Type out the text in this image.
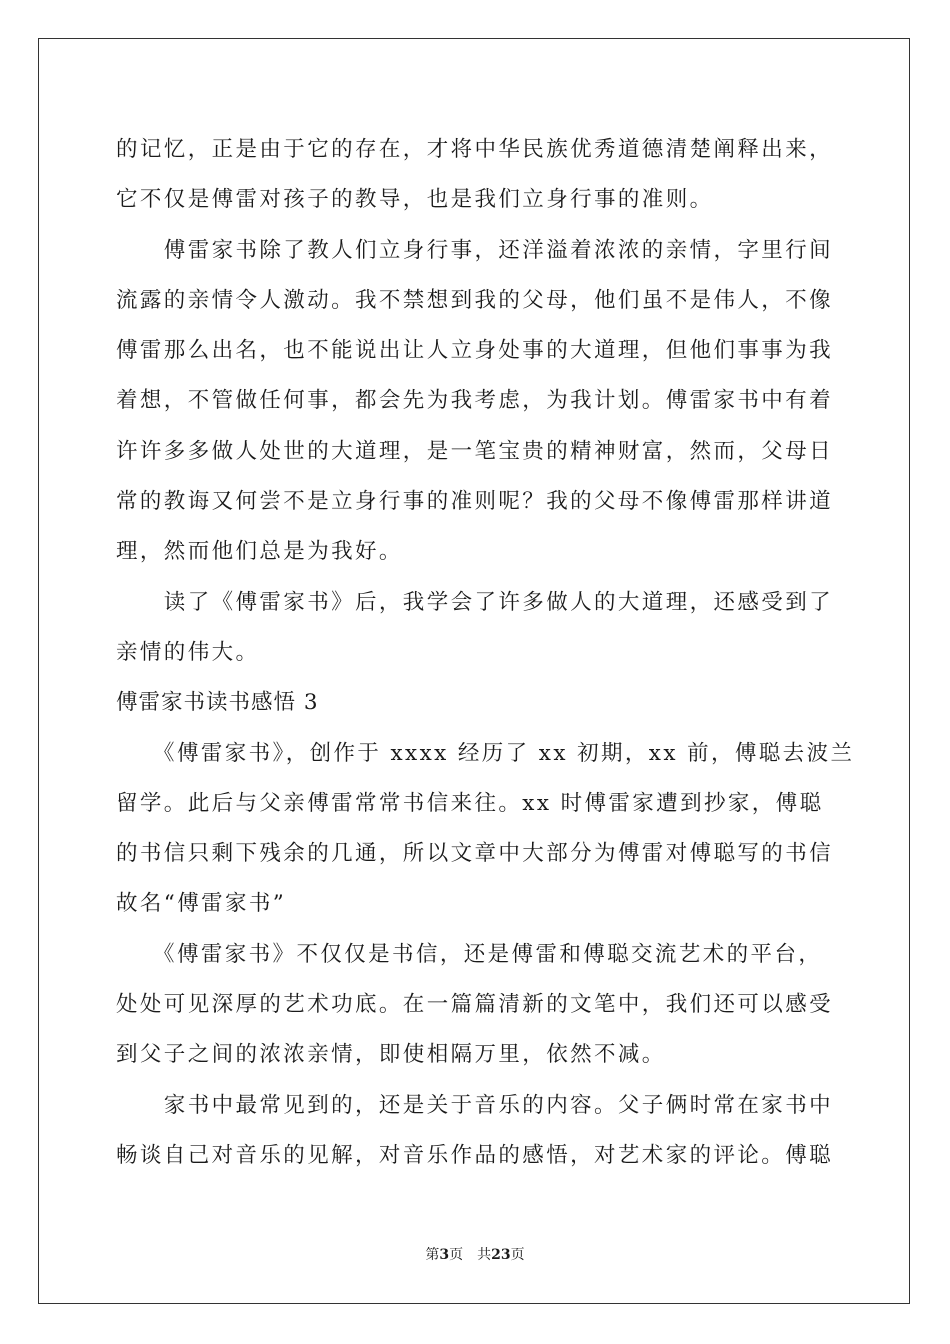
的记忆，正是由于它的存在，才将中华民族优秀道德清楚阐释出来，
它不仅是傅雷对孩子的教导，也是我们立身行事的准则。
　　傅雷家书除了教人们立身行事，还洋溢着浓浓的亲情，字里行间
流露的亲情令人激动。我不禁想到我的父母，他们虽不是伟人，不像
傅雷那么出名，也不能说出让人立身处事的大道理，但他们事事为我
着想，不管做任何事，都会先为我考虑，为我计划。傅雷家书中有着
许许多多做人处世的大道理，是一笔宝贵的精神财富，然而，父母日
常的教诲又何尝不是立身行事的准则呢？我的父母不像傅雷那样讲道
理，然而他们总是为我好。
　　读了《傅雷家书》后，我学会了许多做人的大道理，还感受到了
亲情的伟大。
傅雷家书读书感悟 3
　　《傅雷家书》，创作于 xxxx 经历了 xx 初期，xx 前，傅聪去波兰
留学。此后与父亲傅雷常常书信来往。xx 时傅雷家遭到抄家，傅聪
的书信只剩下残余的几通，所以文章中大部分为傅雷对傅聪写的书信
故名“傅雷家书”
　　《傅雷家书》不仅仅是书信，还是傅雷和傅聪交流艺术的平台，
处处可见深厚的艺术功底。在一篇篇清新的文笔中，我们还可以感受
到父子之间的浓浓亲情，即使相隔万里，依然不减。
　　家书中最常见到的，还是关于音乐的内容。父子俩时常在家书中
畅谈自己对音乐的见解，对音乐作品的感悟，对艺术家的评论。傅聪
第3页　共23页
